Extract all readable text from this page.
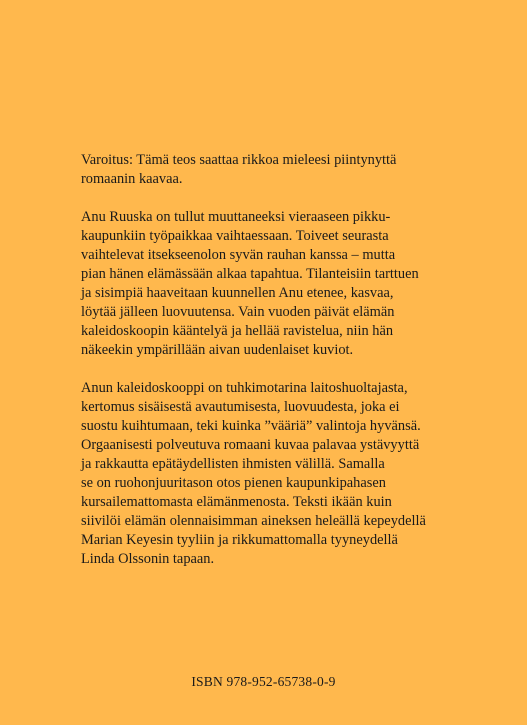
Varoitus: Tämä teos saattaa rikkoa mieleesi piintynyttä
romaanin kaavaa.

Anu Ruuska on tullut muuttaneeksi vieraaseen pikku-
kaupunkiin työpaikkaa vaihtaessaan. Toiveet seurasta
vaihtelevat itsekseenolon syvän rauhan kanssa – mutta
pian hänen elämässään alkaa tapahtua. Tilanteisiin tarttuen
ja sisimpiä haaveitaan kuunnellen Anu etenee, kasvaa,
löytää jälleen luovuutensa. Vain vuoden päivät elämän
kaleidoskoopin kääntelyä ja hellää ravistelua, niin hän
näkeekin ympärillään aivan uudenlaiset kuviot.

Anun kaleidoskooppi on tuhkimotarina laitoshuoltajasta,
kertomus sisäisestä avautumisesta, luovuudesta, joka ei
suostu kuihtumaan, teki kuinka ”vääriä” valintoja hyvänsä.
Orgaanisesti polveutuva romaani kuvaa palavaa ystävyyttä
ja rakkautta epätäydellisten ihmisten välillä. Samalla
se on ruohonjuuritason otos pienen kaupunkipahasen
kursailemattomasta elämänmenosta. Teksti ikään kuin
siivilöi elämän olennaisimman aineksen heleällä kepeydellä
Marian Keyesin tyyliin ja rikkumattomalla tyyneydellä
Linda Olssonin tapaan.

ISBN 978-952-65738-0-9
